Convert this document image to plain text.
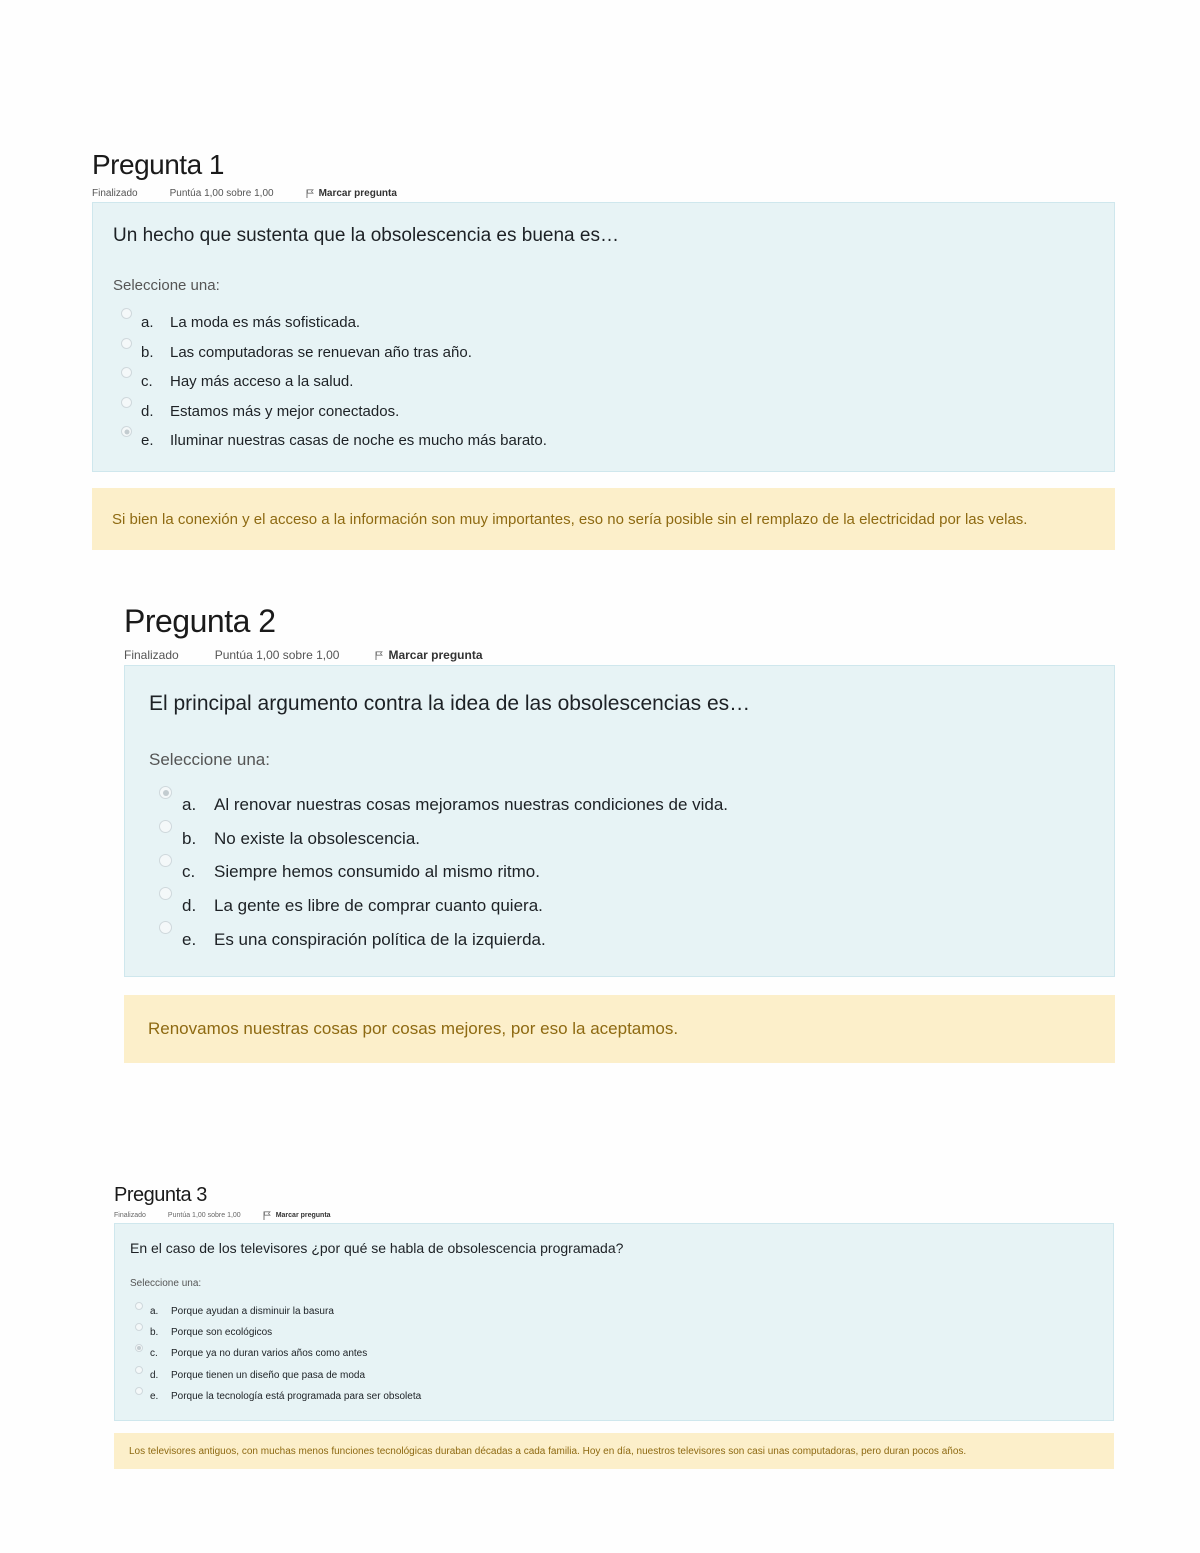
Pregunta 1
Finalizado	Puntúa 1,00 sobre 1,00	Marcar pregunta
Un hecho que sustenta que la obsolescencia es buena es…
Seleccione una:
a.	La moda es más sofisticada.
b.	Las computadoras se renuevan año tras año.
c.	Hay más acceso a la salud.
d.	Estamos más y mejor conectados.
e.	Iluminar nuestras casas de noche es mucho más barato.
Si bien la conexión y el acceso a la información son muy importantes, eso no sería posible sin el remplazo de la electricidad por las velas.
Pregunta 2
Finalizado	Puntúa 1,00 sobre 1,00	Marcar pregunta
El principal argumento contra la idea de las obsolescencias es…
Seleccione una:
a.	Al renovar nuestras cosas mejoramos nuestras condiciones de vida.
b.	No existe la obsolescencia.
c.	Siempre hemos consumido al mismo ritmo.
d.	La gente es libre de comprar cuanto quiera.
e.	Es una conspiración política de la izquierda.
Renovamos nuestras cosas por cosas mejores, por eso la aceptamos.
Pregunta 3
Finalizado	Puntúa 1,00 sobre 1,00	Marcar pregunta
En el caso de los televisores ¿por qué se habla de obsolescencia programada?
Seleccione una:
a.	Porque ayudan a disminuir la basura
b.	Porque son ecológicos
c.	Porque ya no duran varios años como antes
d.	Porque tienen un diseño que pasa de moda
e.	Porque la tecnología está programada para ser obsoleta
Los televisores antiguos, con muchas menos funciones tecnológicas duraban décadas a cada familia. Hoy en día, nuestros televisores son casi unas computadoras, pero duran pocos años.
